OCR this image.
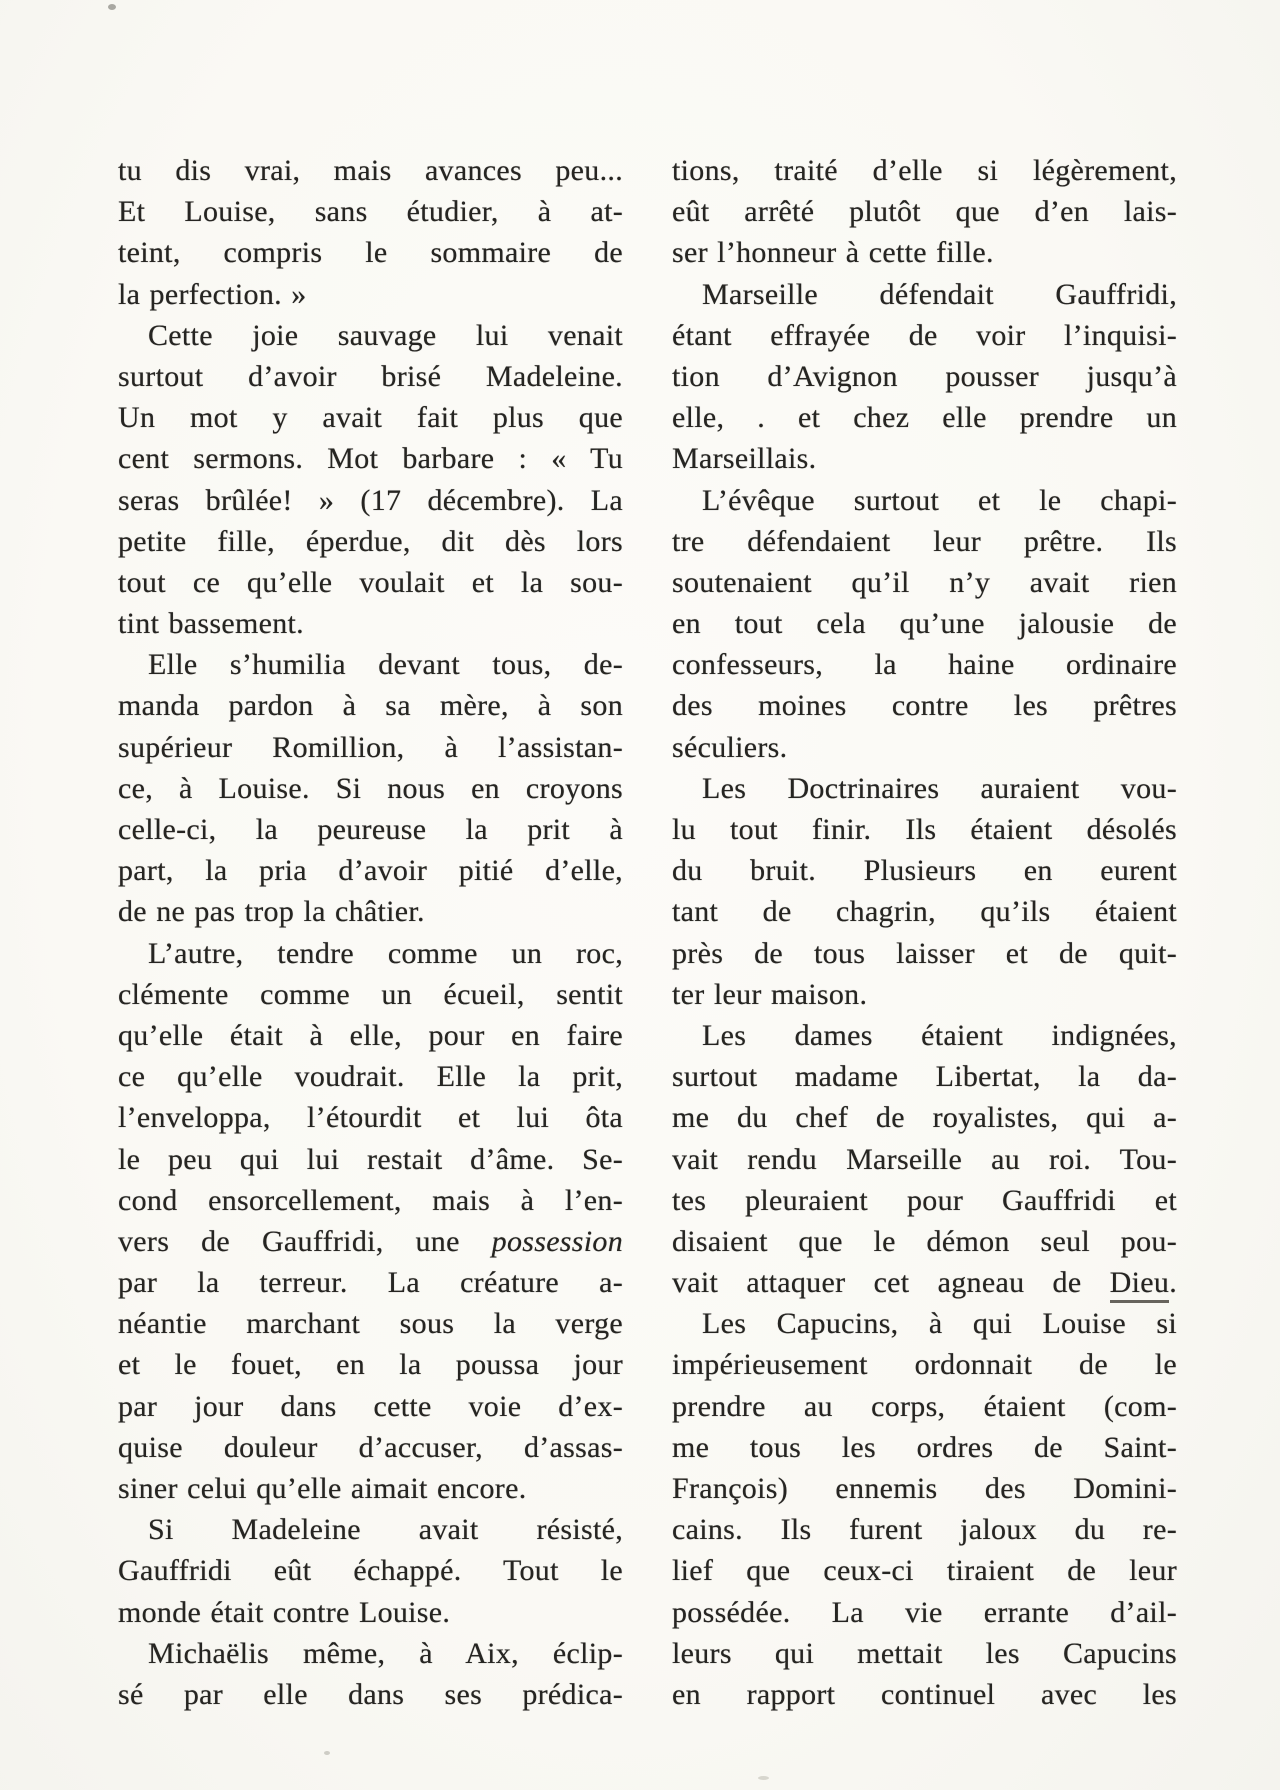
tu dis vrai, mais avances peu...
Et Louise, sans étudier, à at-
teint, compris le sommaire de
la perfection. »
Cette joie sauvage lui venait
surtout d’avoir brisé Madeleine.
Un mot y avait fait plus que
cent sermons. Mot barbare : « Tu
seras brûlée! » (17 décembre). La
petite fille, éperdue, dit dès lors
tout ce qu’elle voulait et la sou-
tint bassement.
Elle s’humilia devant tous, de-
manda pardon à sa mère, à son
supérieur Romillion, à l’assistan-
ce, à Louise. Si nous en croyons
celle-ci, la peureuse la prit à
part, la pria d’avoir pitié d’elle,
de ne pas trop la châtier.
L’autre, tendre comme un roc,
clémente comme un écueil, sentit
qu’elle était à elle, pour en faire
ce qu’elle voudrait. Elle la prit,
l’enveloppa, l’étourdit et lui ôta
le peu qui lui restait d’âme. Se-
cond ensorcellement, mais à l’en-
vers de Gauffridi, une possession
par la terreur. La créature a-
néantie marchant sous la verge
et le fouet, en la poussa jour
par jour dans cette voie d’ex-
quise douleur d’accuser, d’assas-
siner celui qu’elle aimait encore.
Si Madeleine avait résisté,
Gauffridi eût échappé. Tout le
monde était contre Louise.
Michaëlis même, à Aix, éclip-
sé par elle dans ses prédica-
tions, traité d’elle si légèrement,
eût arrêté plutôt que d’en lais-
ser l’honneur à cette fille.
Marseille défendait Gauffridi,
étant effrayée de voir l’inquisi-
tion d’Avignon pousser jusqu’à
elle, . et chez elle prendre un
Marseillais.
L’évêque surtout et le chapi-
tre défendaient leur prêtre. Ils
soutenaient qu’il n’y avait rien
en tout cela qu’une jalousie de
confesseurs, la haine ordinaire
des moines contre les prêtres
séculiers.
Les Doctrinaires auraient vou-
lu tout finir. Ils étaient désolés
du bruit. Plusieurs en eurent
tant de chagrin, qu’ils étaient
près de tous laisser et de quit-
ter leur maison.
Les dames étaient indignées,
surtout madame Libertat, la da-
me du chef de royalistes, qui a-
vait rendu Marseille au roi. Tou-
tes pleuraient pour Gauffridi et
disaient que le démon seul pou-
vait attaquer cet agneau de Dieu.
Les Capucins, à qui Louise si
impérieusement ordonnait de le
prendre au corps, étaient (com-
me tous les ordres de Saint-
François) ennemis des Domini-
cains. Ils furent jaloux du re-
lief que ceux-ci tiraient de leur
possédée. La vie errante d’ail-
leurs qui mettait les Capucins
en rapport continuel avec les
